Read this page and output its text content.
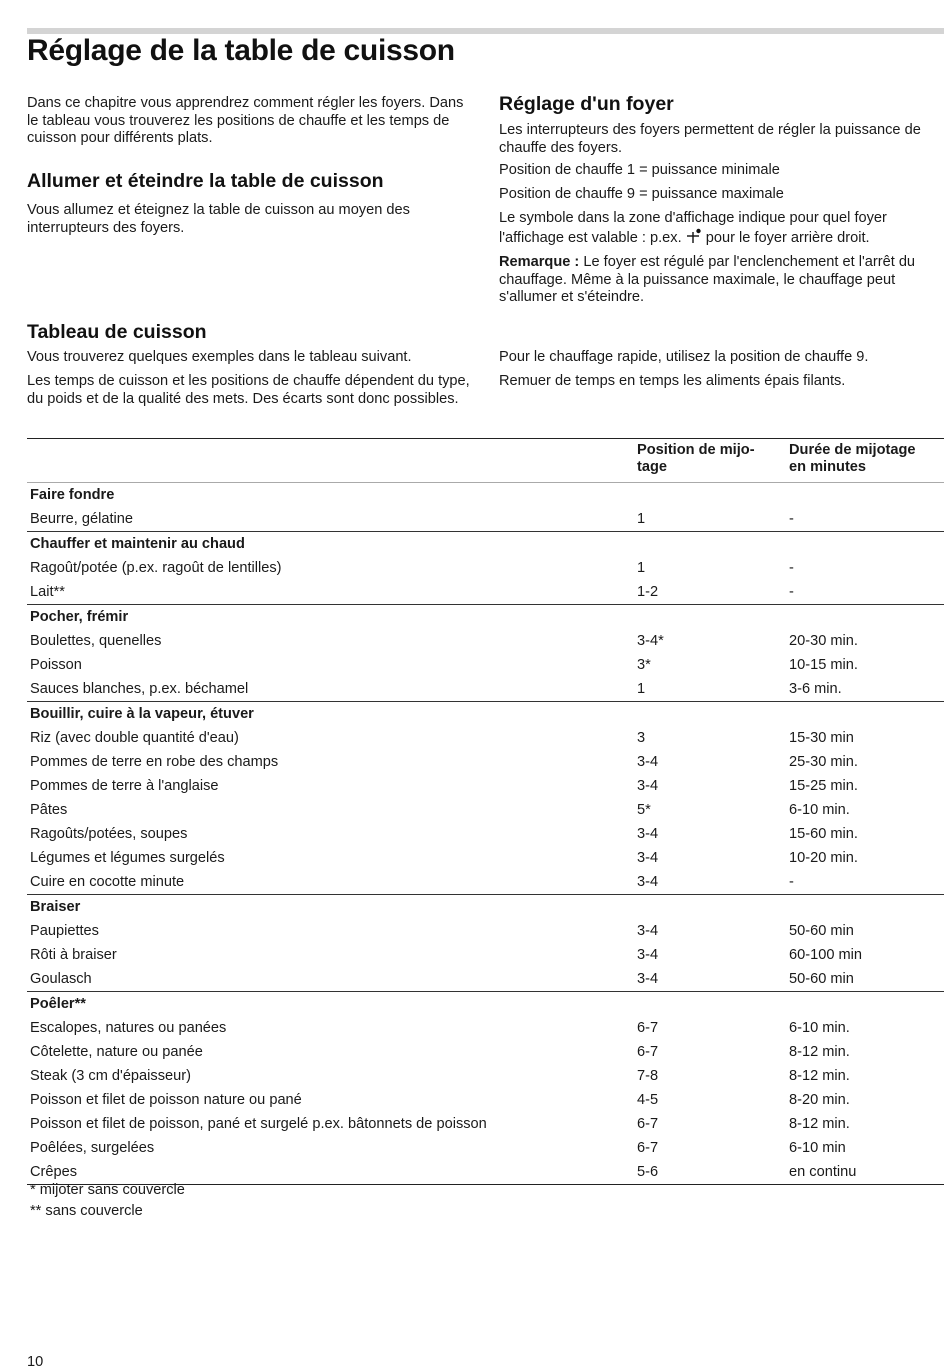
Réglage de la table de cuisson

Dans ce chapitre vous apprendrez comment régler les foyers. Dans le tableau vous trouverez les positions de chauffe et les temps de cuisson pour différents plats.

Allumer et éteindre la table de cuisson

Vous allumez et éteignez la table de cuisson au moyen des interrupteurs des foyers.

Réglage d'un foyer

Les interrupteurs des foyers permettent de régler la puissance de chauffe des foyers.

Position de chauffe 1 = puissance minimale

Position de chauffe 9 = puissance maximale

Le symbole dans la zone d'affichage indique pour quel foyer l'affichage est valable : p.ex. pour le foyer arrière droit.

Remarque : Le foyer est régulé par l'enclenchement et l'arrêt du chauffage. Même à la puissance maximale, le chauffage peut s'allumer et s'éteindre.

Tableau de cuisson

Vous trouverez quelques exemples dans le tableau suivant.

Les temps de cuisson et les positions de chauffe dépendent du type, du poids et de la qualité des mets. Des écarts sont donc possibles.

Pour le chauffage rapide, utilisez la position de chauffe 9.

Remuer de temps en temps les aliments épais filants.

	Position de mijo-
tage	Durée de mijotage
en minutes
Faire fondre		
Beurre, gélatine	1	-
Chauffer et maintenir au chaud		
Ragoût/potée (p.ex. ragoût de lentilles)	1	-
Lait**	1-2	-
Pocher, frémir		
Boulettes, quenelles	3-4*	20-30 min.
Poisson	3*	10-15 min.
Sauces blanches, p.ex. béchamel	1	3-6 min.
Bouillir, cuire à la vapeur, étuver		
Riz (avec double quantité d'eau)	3	15-30 min
Pommes de terre en robe des champs	3-4	25-30 min.
Pommes de terre à l'anglaise	3-4	15-25 min.
Pâtes	5*	6-10 min.
Ragoûts/potées, soupes	3-4	15-60 min.
Légumes et légumes surgelés	3-4	10-20 min.
Cuire en cocotte minute	3-4	-
Braiser		
Paupiettes	3-4	50-60 min
Rôti à braiser	3-4	60-100 min
Goulasch	3-4	50-60 min
Poêler**		
Escalopes, natures ou panées	6-7	6-10 min.
Côtelette, nature ou panée	6-7	8-12 min.
Steak (3 cm d'épaisseur)	7-8	8-12 min.
Poisson et filet de poisson nature ou pané	4-5	8-20 min.
Poisson et filet de poisson, pané et surgelé p.ex. bâtonnets de poisson	6-7	8-12 min.
Poêlées, surgelées	6-7	6-10 min
Crêpes	5-6	en continu
* mijoter sans couvercle
** sans couvercle
10
